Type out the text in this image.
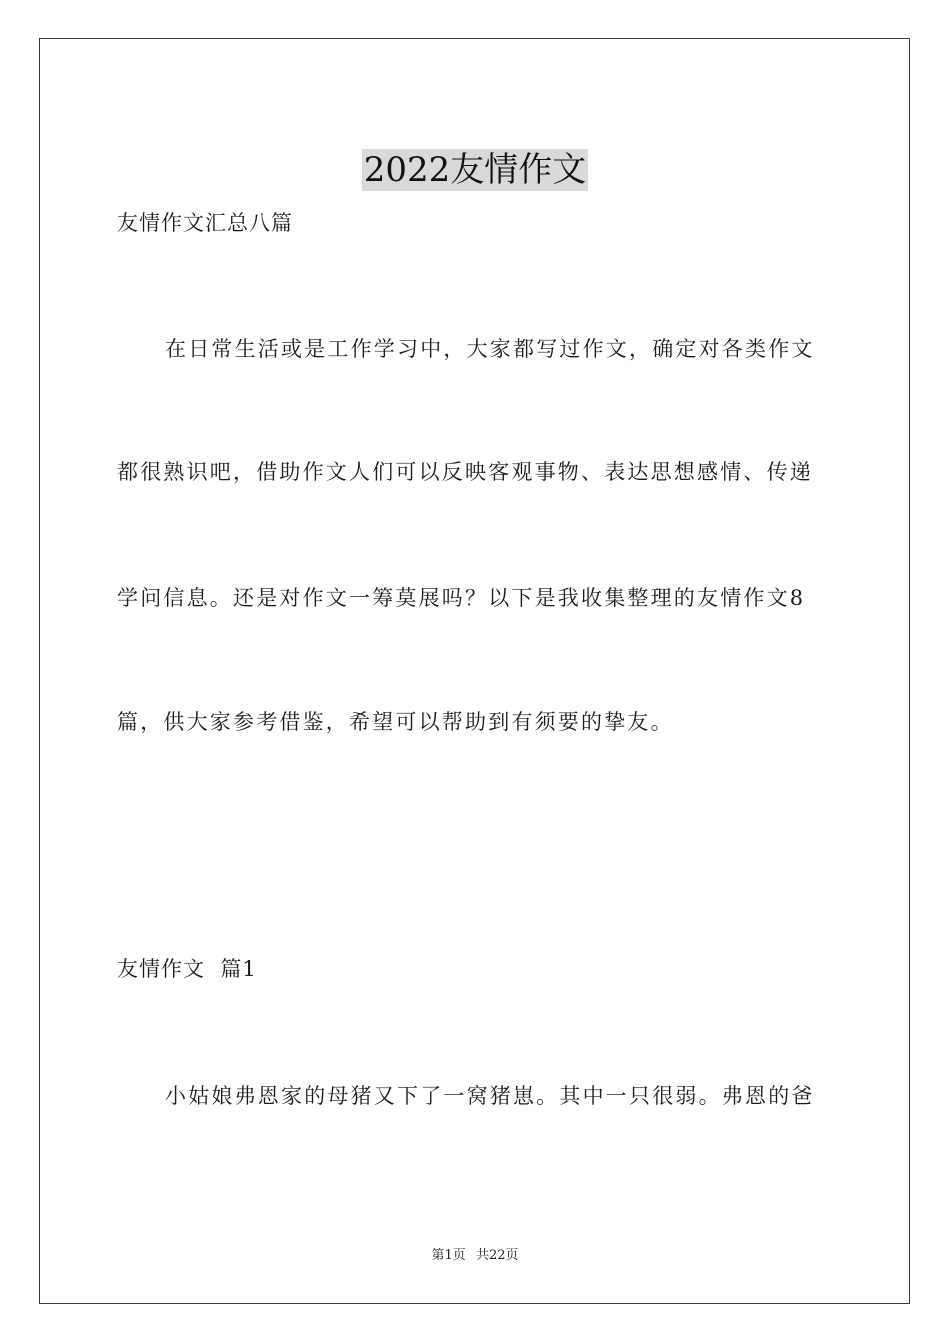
2022友情作文
友情作文汇总八篇
在日常生活或是工作学习中，大家都写过作文，确定对各类作文
都很熟识吧，借助作文人们可以反映客观事物、表达思想感情、传递
学问信息。还是对作文一筹莫展吗？以下是我收集整理的友情作文8
篇，供大家参考借鉴，希望可以帮助到有须要的挚友。
友情作文  篇1
小姑娘弗恩家的母猪又下了一窝猪崽。其中一只很弱。弗恩的爸
第1页 共22页
